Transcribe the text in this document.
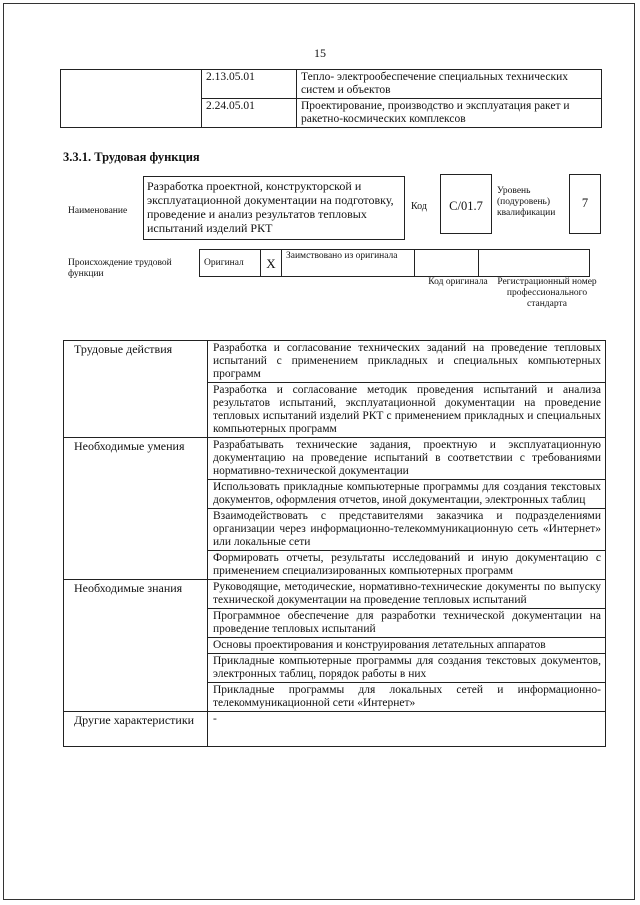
15
	2.13.05.01	Тепло- электрообеспечение специальных технических систем и объектов
	2.24.05.01	Проектирование, производство и эксплуатация ракет и ракетно-космических комплексов
3.3.1. Трудовая функция
Наименование
Разработка проектной, конструкторской и эксплуатационной документации на подготовку, проведение и анализ результатов тепловых испытаний изделий РКТ
Код	C/01.7
Уровень (подуровень) квалификации
7
Происхождение трудовой функции
Оригинал	X	Заимствовано из оригинала		
Код оригинала Регистрационный номер профессионального стандарта
Трудовые действия	Разработка и согласование технических заданий на проведение тепловых испытаний с применением прикладных и специальных компьютерных программ
	Разработка и согласование методик проведения испытаний и анализа результатов испытаний, эксплуатационной документации на проведение тепловых испытаний изделий РКТ с применением прикладных и специальных компьютерных программ
Необходимые умения	Разрабатывать технические задания, проектную и эксплуатационную документацию на проведение испытаний в соответствии с требованиями нормативно-технической документации
	Использовать прикладные компьютерные программы для создания текстовых документов, оформления отчетов, иной документации, электронных таблиц
	Взаимодействовать с представителями заказчика и подразделениями организации через информационно-телекоммуникационную сеть «Интернет» или локальные сети
	Формировать отчеты, результаты исследований и иную документацию с применением специализированных компьютерных программ
Необходимые знания	Руководящие, методические, нормативно-технические документы по выпуску технической документации на проведение тепловых испытаний
	Программное обеспечение для разработки технической документации на проведение тепловых испытаний
	Основы проектирования и конструирования летательных аппаратов
	Прикладные компьютерные программы для создания текстовых документов, электронных таблиц, порядок работы в них
	Прикладные программы для локальных сетей и информационно-телекоммуникационной сети «Интернет»
Другие характеристики	-
